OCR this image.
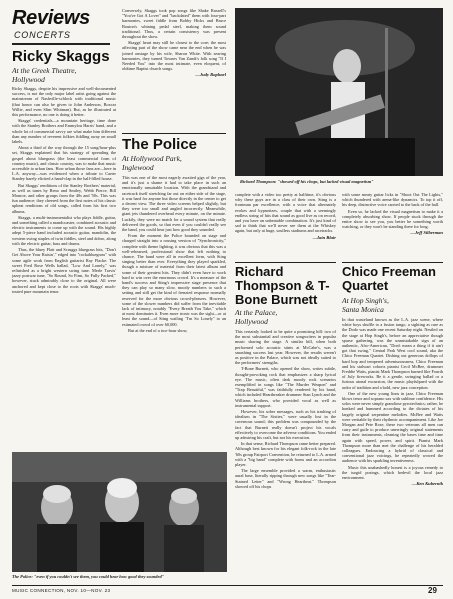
Reviews
CONCERTS
Ricky Skaggs
At the Greek Theatre,
Hollywood

Ricky Skaggs, despite his impressive and well-documented success, is not the only major label artist going against the mainstream of Nashville-schlock with traditional music (that honor can also be given to John Anderson, Boxcar Willie, and even Slim Whitman). But, as he illustrated at this performance, no one is doing it better.

Skaggs' credentials—a mountain heritage, time done with the Stanley Brothers and Emmylou Harris' band, and a whole lot of commercial savvy are what make him different than any number of reverent folkies fiddling away on small labels.

About a third of the way through the 15 song/hour-plus set, Skaggs explained that his strategy of spreading the gospel about bluegrass (the least commercial form of country music), and classic country, was to make that music accessible to urban fans. How urban those fans are—here in L.A. anyway—was evidenced when a tribute to Carter Stanley barely elicited a hand-clap in the half-filled house.

But Skaggs' renditions of the Stanley Brothers' material, as well as tunes by Reno and Smiley, Webb Pierce, Bill Monroe, and other groups from the 40s and '50s. This was fun audience; they cheered from the first notes of his classic upbeat renditions of old songs, called from his first two albums.

Skaggs, a multi-instrumentalist who plays fiddle, guitar, and something called a mandocaster, combined acoustic and electric instruments to come up with the sound. His highly adept 5-piece band included acoustic guitar, mandolin, the western swing staples of twin fiddles, steel and dobro, along with the electric guitar, bass and drums.

Thus, the bluey Flatt and Scruggs bluegrass hits, "Don't Get Above Your Raisin'," edged into "rockabluegrass" with some agile work from English guitarist Ray Flacke. The sweet Fred Rose Wells ballad, "Low And Lonely," was refinished as a bright western swing tune. Merle Travis' jazzy postwar tune, "So Round, So Firm, So Fully Packed," however, stuck admirably close to the original. All were anchored and kept close to the roots with Skaggs' much-touted pure mountain tenor.

Conversely, Skaggs took pop songs like Shake Russell's "You've Got A Lover" and "backdated" them with four-part harmonies, sweet fiddle from Bobby Hicks and Bruce Bouton's whining pedal steel, making them sound traditional. Thus, a certain consistency was present throughout the show.

Skaggs' heart may still be closest to the core; the most affecting part of the show came near the end when he was joined onstage by his wife, Sharon White. With searing harmonies, they turned Townes Van Zandt's folk song "If I Needed You" into the most intimate, even eloquent, of oldtime Baptist church songs.

—Judy Raphael
The Police
At Hollywood Park,
Inglewood

This was one of the most eagerly awaited gigs of the year, and it's just a shame it had to take place in such an emotionally unsuitable location. With the grandstand and racetrack itself stretching far out on either side of the stage, it was hard for anyone but those directly in the center to get a decent view. The three video screens helped slightly, but they were too small and angled incorrectly. Meanwhile, giant jets thundered overhead every minute, on the minute. Luckily, they were no match for a sound system that really delivered the goods, so that even if you couldn't really see the band, you could hear just how good they sounded.

From the moment the Police bounded on stage and charged straight into a rousing version of "Synchronicity," complete with theme lighting, it was obvious that this was a well-rehearsed, professional show that left nothing to chance. The band were all in excellent form, with Sting singing better than ever. Everything they played sparkled, though a mixture of material from their latest album and some of their greatest hits. They didn't even have to work hard to win over the enormous crowd. It's a measure of the band's success and Sting's impressive stage presence that they can play so many slow, moody numbers to such a setting and still get the kind of frenzied response normally reserved for the more obvious crowd-pleasers. However, some of the slower numbers did suffer from the inevitable lack of intimacy, notably "Every Breath You Take," which at most dominates it. Even more ironic was the sight—or at least the sound—of Sting wailing "I'm So Lonely" to an estimated crowd of over 60,000.

But at the end of a two-hour show,

The Police: "even if you couldn't see them, you could hear how good they sounded"
Richard Thompson: "showed off his chops, but lacked visual magnetism"

complete with a video too pretty at halftime, it's obvious why these guys are in a class of their own. Sting is a frontman par excellence, with a voice that alternately evokes and hypnotizes, couple that with a seemingly endless string of hits that sound as good live as on record, and you have an unbeatable combination. It's just kind of sad to think that we'll never see them at the Whiskey again, but only at huge, soulless stadiums and racetracks.

—Iain Blair
Richard Thompson & T-Bone Burnett
At the Palace,
Hollywood

This certainly looked to be quite a promising bill: two of the most substantial and creative songwriters in popular music sharing the stage. A similar bill, when both performed solo acoustic stints at McCabe's, was a smashing success last year. However, the results weren't as positive in the Palace, which was not ideally suited to the performers' strengths.

T-Bone Burnett, who opened the show, writes subtle, thought-provoking rock that emphasizes a sharp lyrical eye. The music, often dark moody rock scenarios exemplified in songs like "The Murder Weapon" and "Trap Beautiful," was faithfully rendered by his band, which included Heartbreaker drummer Stan Lynch and the Williams brothers, who provided vocal as well as instrumental support.

However, his sober messages, such as his trashing of idealism in "The Sixties," were usually lost in the cavernous sound; this problem was compounded by the fact that Burnett really doesn't project his vocals effectively to overcome the adverse conditions. You ended up admiring his craft, but not his execution.

In that sense, Richard Thompson came better prepared. Although best known for his elegant folk-rock in the late '60s group Fairport Convention, he returned to L.A. armed with a "big band" complete with horns and an accordion player.

The large ensemble provided a warm, enthusiastic aural base, literally ripping through new songs like "Tear-Stained Letter" and "Wrong Heartbeat." Thompson showed off his chops

with some meaty guitar licks in "Shoot Out The Lights," which thundered with arena-like dynamics. To top it off, his deep, distinctive voice carried to the back of the hall.

Even so, he lacked the visual magnetism to make it a completely absorbing show. If people stuck through the entire show to see you, you better be something worth watching, or they won't be standing there for long.

—Jeff Silberman
Chico Freeman Quartet
At Hop Singh's,
Santa Monica

In that wasteland known as the L.A. jazz scene, where white boys shuffle to a fusion tango, a sighting as rare as the Dodo was made one recent Saturday night. Nestled on the stage at Hop Singh's, before an appreciative though sparse gathering, was the unmistakable sign of an authentic, Afro-American, "Don't mean a thing if it ain't got that swing," Central Park West cool sound, aka the Chico Freeman Quartet. Dishing out generous dollops of hard bop and tempered adventurousness, Chico Freeman and his stalwart cohorts pianist Cecil McBee, drummer Freddie Waits, pianist Mark Thompson burned like Fourth of July fireworks. Be it a gentle, swinging ballad or a furious atonal excursion, the music playfulpaed with the ardor of tradition and a bold, new jazz conception.

One of the new young lions in jazz, Chico Freeman blows tenor and soprano sax with sublime confidence. His solos were never simply grandiose pyrotechnics; rather, he honked and hummed according to the dictates of his largely original serpentine melodies. McBee and Waits were veritable by their rhythmic accompaniment. Like Joe Morgan and Pete Rose, these two veterans all men can carry and guile to produce unerringly original statements from their instruments, cleaning the bases time and time again with speed, power, and spirit. Pianist Mark Thompson more than met the challenge of his heralded colleagues. Embracing a hybrid of classical and conventional jazz voicings, he repeatedly wowed the audience with his sparkling inventiveness.

Music this unabashedly honest is a joyous remedy to the turgid posings, which bedevil the local jazz environment.

—Ken Kubernik
MUSIC CONNECTION, NOV. 10—NOV. 23	29
